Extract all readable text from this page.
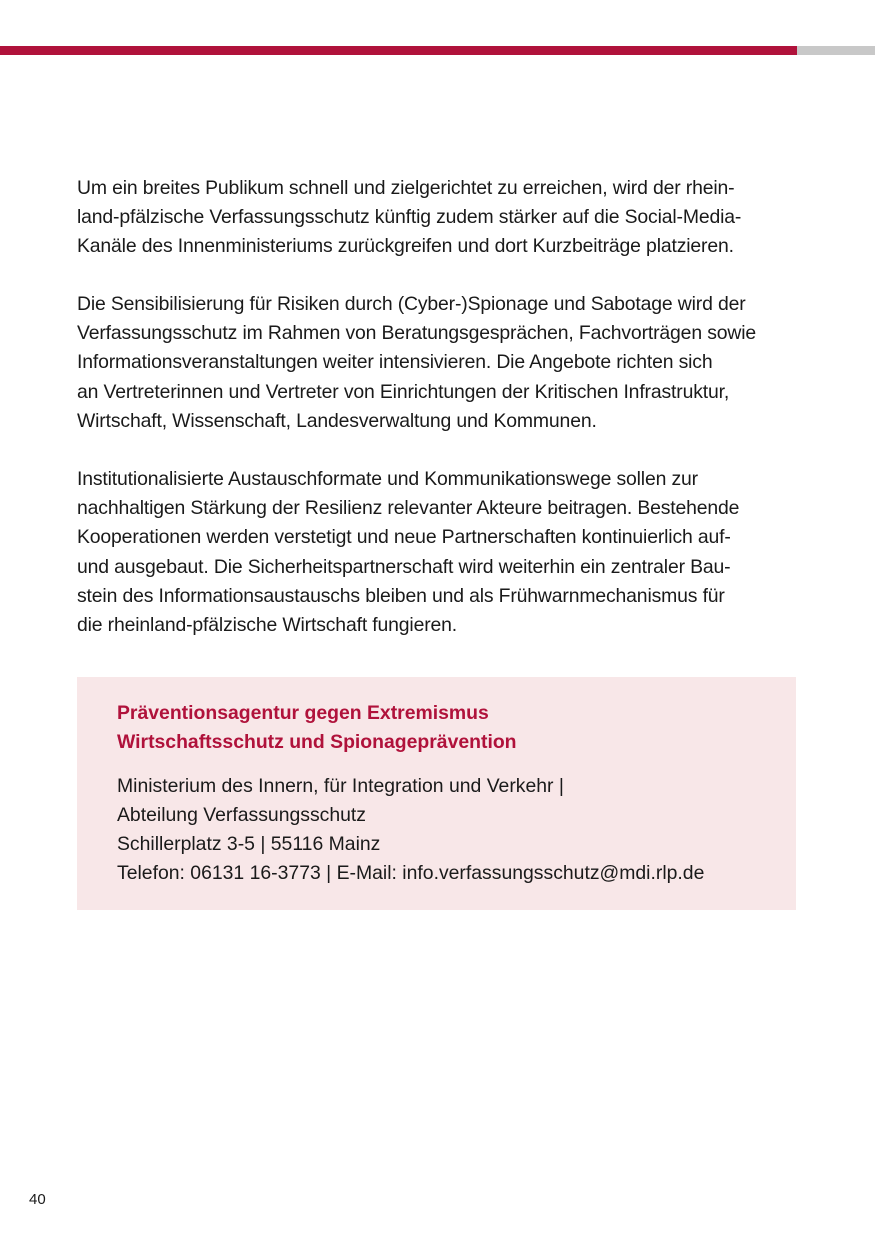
Um ein breites Publikum schnell und zielgerichtet zu erreichen, wird der rhein-
land-pfälzische Verfassungsschutz künftig zudem stärker auf die Social-Media-
Kanäle des Innenministeriums zurückgreifen und dort Kurzbeiträge platzieren.

Die Sensibilisierung für Risiken durch (Cyber-)Spionage und Sabotage wird der
Verfassungsschutz im Rahmen von Beratungsgesprächen, Fachvorträgen sowie
Informationsveranstaltungen weiter intensivieren. Die Angebote richten sich
an Vertreterinnen und Vertreter von Einrichtungen der Kritischen Infrastruktur,
Wirtschaft, Wissenschaft, Landesverwaltung und Kommunen.

Institutionalisierte Austauschformate und Kommunikationswege sollen zur
nachhaltigen Stärkung der Resilienz relevanter Akteure beitragen. Bestehende
Kooperationen werden verstetigt und neue Partnerschaften kontinuierlich auf-
und ausgebaut. Die Sicherheitspartnerschaft wird weiterhin ein zentraler Bau-
stein des Informationsaustauschs bleiben und als Frühwarnmechanismus für
die rheinland-pfälzische Wirtschaft fungieren.

Präventionsagentur gegen Extremismus
Wirtschaftsschutz und Spionageprävention

Ministerium des Innern, für Integration und Verkehr |
Abteilung Verfassungsschutz
Schillerplatz 3-5 | 55116 Mainz
Telefon: 06131 16-3773 | E-Mail: info.verfassungsschutz@mdi.rlp.de

40
